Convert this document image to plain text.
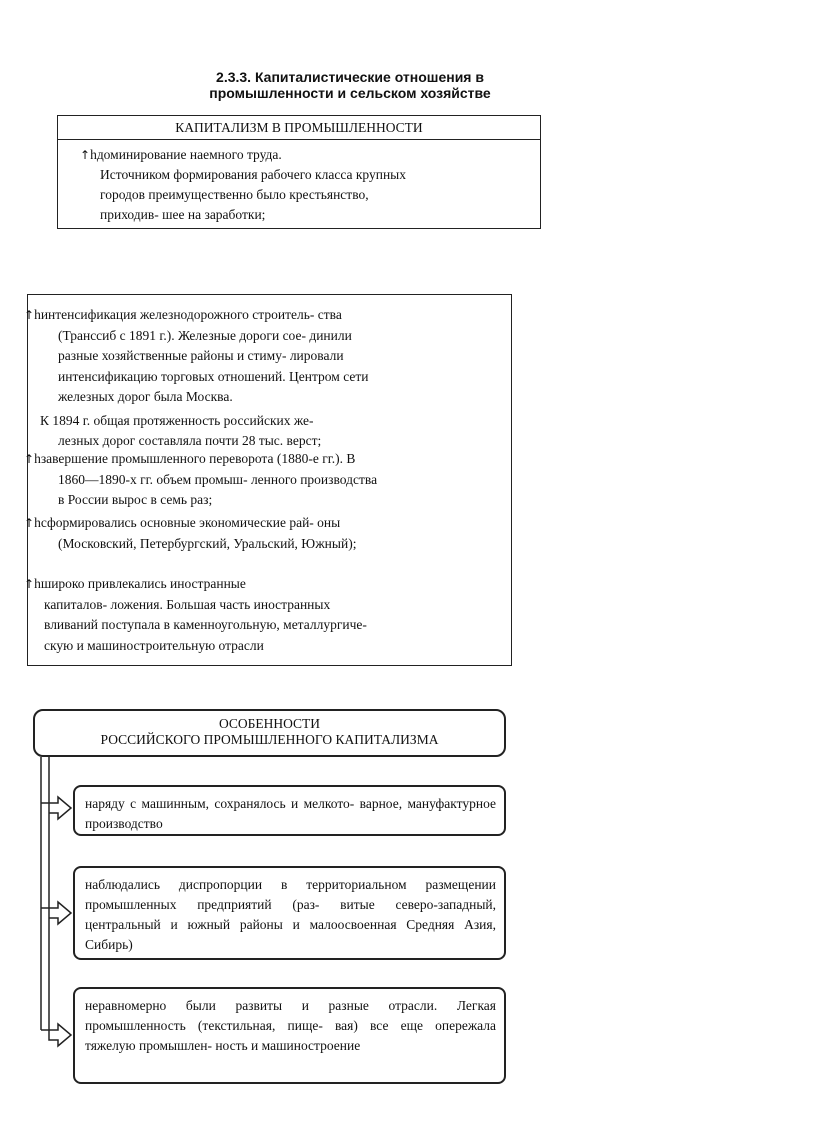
2.3.3. Капиталистические отношения в
промышленности и сельском хозяйстве
КАПИТАЛИЗМ В ПРОМЫШЛЕННОСТИ
↑hдоминирование наемного труда.
Источником формирования рабочего класса крупных
городов преимущественно было крестьянство,
приходив- шее на заработки;
↑hинтенсификация железнодорожного строитель- ства
(Транссиб с 1891 г.). Железные дороги сое- динили
разные хозяйственные районы и стиму- лировали
интенсификацию торговых отношений. Центром сети
железных дорог была Москва.
К 1894 г. общая протяженность российских же-
лезных дорог составляла почти 28 тыс. верст;
↑hзавершение промышленного переворота (1880-е гг.). В
1860—1890-х гг. объем промыш- ленного производства
в России вырос в семь раз;
↑hсформировались основные экономические рай- оны
(Московский, Петербургский, Уральский, Южный);
↑hшироко привлекались иностранные
капиталов- ложения. Большая часть иностранных
вливаний поступала в каменноугольную, металлургиче-
скую и машиностроительную отрасли
ОСОБЕННОСТИ
РОССИЙСКОГО ПРОМЫШЛЕННОГО КАПИТАЛИЗМА
наряду с машинным, сохранялось и мелкото- варное, мануфактурное производство
наблюдались диспропорции в территориальном размещении промышленных предприятий (раз- витые северо-западный, центральный и южный районы и малоосвоенная Средняя Азия, Сибирь)
неравномерно были развиты и разные отрасли. Легкая промышленность (текстильная, пище- вая) все еще опережала тяжелую промышлен- ность и машиностроение
